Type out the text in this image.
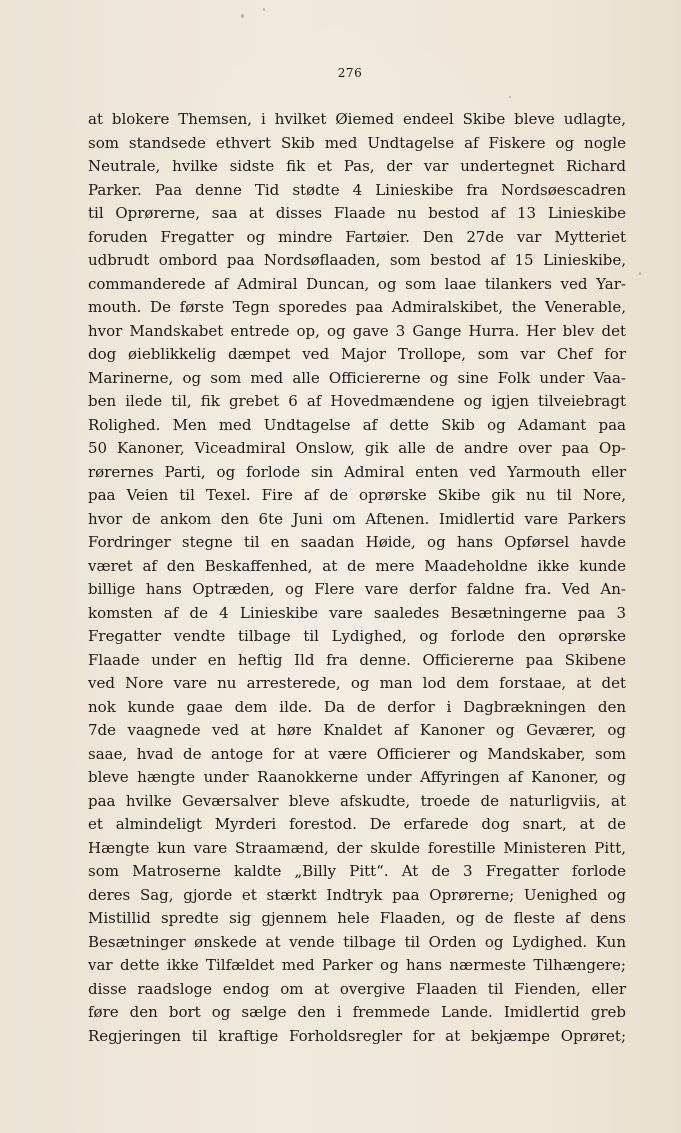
276
at blokere Themsen, i hvilket Øiemed endeel Skibe bleve udlagte,
som standsede ethvert Skib med Undtagelse af Fiskere og nogle
Neutrale, hvilke sidste fik et Pas, der var undertegnet Richard
Parker. Paa denne Tid stødte 4 Linieskibe fra Nordsøescadren
til Oprørerne, saa at disses Flaade nu bestod af 13 Linieskibe
foruden Fregatter og mindre Fartøier. Den 27de var Mytteriet
udbrudt ombord paa Nordsøflaaden, som bestod af 15 Linieskibe,
commanderede af Admiral Duncan, og som laae tilankers ved Yar-
mouth. De første Tegn sporedes paa Admiralskibet, the Venerable,
hvor Mandskabet entrede op, og gave 3 Gange Hurra. Her blev det
dog øieblikkelig dæmpet ved Major Trollope, som var Chef for
Marinerne, og som med alle Officiererne og sine Folk under Vaa-
ben ilede til, fik grebet 6 af Hovedmændene og igjen tilveiebragt
Rolighed. Men med Undtagelse af dette Skib og Adamant paa
50 Kanoner, Viceadmiral Onslow, gik alle de andre over paa Op-
rørernes Parti, og forlode sin Admiral enten ved Yarmouth eller
paa Veien til Texel. Fire af de oprørske Skibe gik nu til Nore,
hvor de ankom den 6te Juni om Aftenen. Imidlertid vare Parkers
Fordringer stegne til en saadan Høide, og hans Opførsel havde
været af den Beskaffenhed, at de mere Maadeholdne ikke kunde
billige hans Optræden, og Flere vare derfor faldne fra. Ved An-
komsten af de 4 Linieskibe vare saaledes Besætningerne paa 3
Fregatter vendte tilbage til Lydighed, og forlode den oprørske
Flaade under en heftig Ild fra denne. Officiererne paa Skibene
ved Nore vare nu arresterede, og man lod dem forstaae, at det
nok kunde gaae dem ilde. Da de derfor i Dagbrækningen den
7de vaagnede ved at høre Knaldet af Kanoner og Geværer, og
saae, hvad de antoge for at være Officierer og Mandskaber, som
bleve hængte under Raanokkerne under Affyringen af Kanoner, og
paa hvilke Geværsalver bleve afskudte, troede de naturligviis, at
et almindeligt Myrderi forestod. De erfarede dog snart, at de
Hængte kun vare Straamænd, der skulde forestille Ministeren Pitt,
som Matroserne kaldte „Billy Pitt“. At de 3 Fregatter forlode
deres Sag, gjorde et stærkt Indtryk paa Oprørerne; Uenighed og
Mistillid spredte sig gjennem hele Flaaden, og de fleste af dens
Besætninger ønskede at vende tilbage til Orden og Lydighed. Kun
var dette ikke Tilfældet med Parker og hans nærmeste Tilhængere;
disse raadsloge endog om at overgive Flaaden til Fienden, eller
føre den bort og sælge den i fremmede Lande. Imidlertid greb
Regjeringen til kraftige Forholdsregler for at bekjæmpe Oprøret;
